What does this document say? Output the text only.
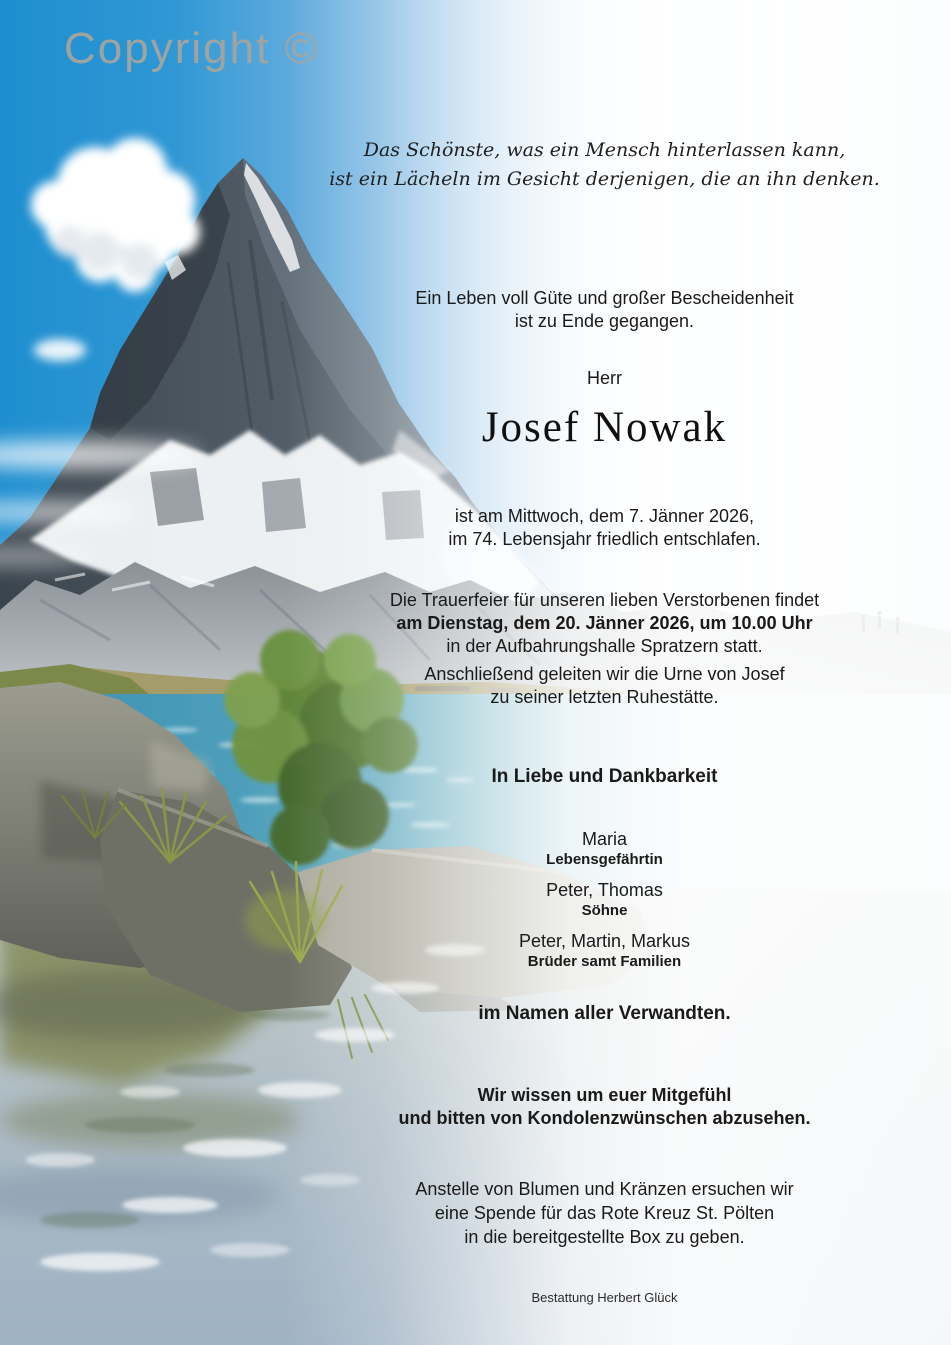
Copyright ©
Das Schönste, was ein Mensch hinterlassen kann,
ist ein Lächeln im Gesicht derjenigen, die an ihn denken.
Ein Leben voll Güte und großer Bescheidenheit
ist zu Ende gegangen.
Herr
Josef Nowak
ist am Mittwoch, dem 7. Jänner 2026,
im 74. Lebensjahr friedlich entschlafen.
Die Trauerfeier für unseren lieben Verstorbenen findet
am Dienstag, dem 20. Jänner 2026, um 10.00 Uhr
in der Aufbahrungshalle Spratzern statt.
Anschließend geleiten wir die Urne von Josef
zu seiner letzten Ruhestätte.
In Liebe und Dankbarkeit
Maria
Lebensgefährtin
Peter, Thomas
Söhne
Peter, Martin, Markus
Brüder samt Familien
im Namen aller Verwandten.
Wir wissen um euer Mitgefühl
und bitten von Kondolenzwünschen abzusehen.
Anstelle von Blumen und Kränzen ersuchen wir
eine Spende für das Rote Kreuz St. Pölten
in die bereitgestellte Box zu geben.
Bestattung Herbert Glück
